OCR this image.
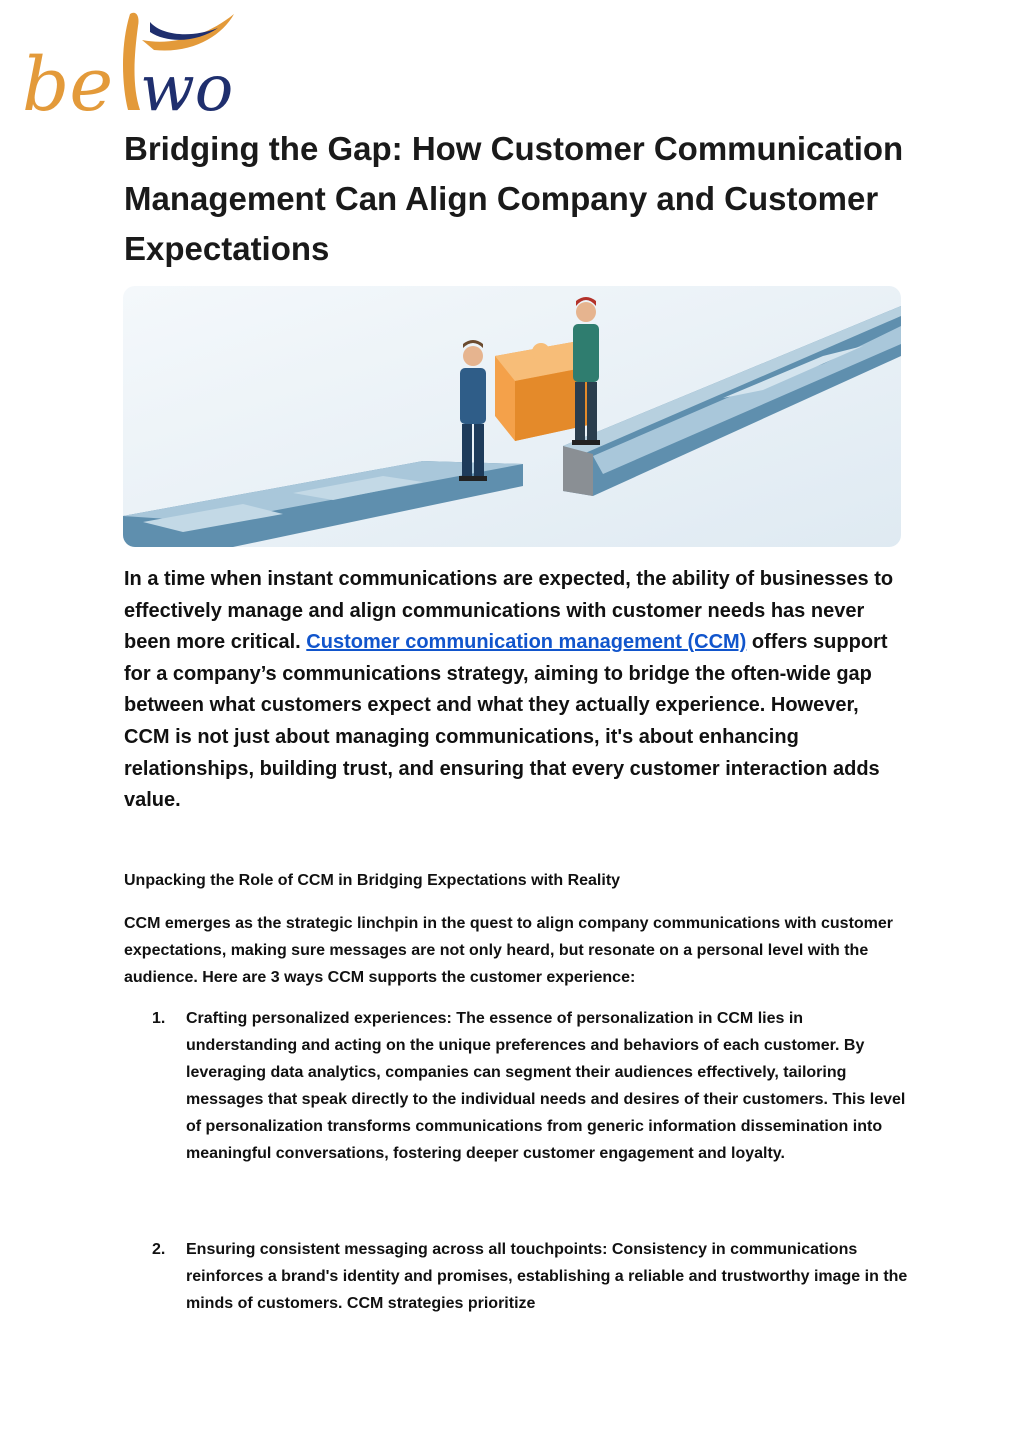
be wo
Bridging the Gap: How Customer Communication Management Can Align Company and Customer Expectations

In a time when instant communications are expected, the ability of businesses to effectively manage and align communications with customer needs has never been more critical. Customer communication management (CCM) offers support for a company’s communications strategy, aiming to bridge the often-wide gap between what customers expect and what they actually experience. However, CCM is not just about managing communications, it's about enhancing relationships, building trust, and ensuring that every customer interaction adds value.

Unpacking the Role of CCM in Bridging Expectations with Reality

CCM emerges as the strategic linchpin in the quest to align company communications with customer expectations, making sure messages are not only heard, but resonate on a personal level with the audience. Here are 3 ways CCM supports the customer experience:

1. Crafting personalized experiences: The essence of personalization in CCM lies in understanding and acting on the unique preferences and behaviors of each customer. By leveraging data analytics, companies can segment their audiences effectively, tailoring messages that speak directly to the individual needs and desires of their customers. This level of personalization transforms communications from generic information dissemination into meaningful conversations, fostering deeper customer engagement and loyalty.

2. Ensuring consistent messaging across all touchpoints: Consistency in communications reinforces a brand's identity and promises, establishing a reliable and trustworthy image in the minds of customers. CCM strategies prioritize
